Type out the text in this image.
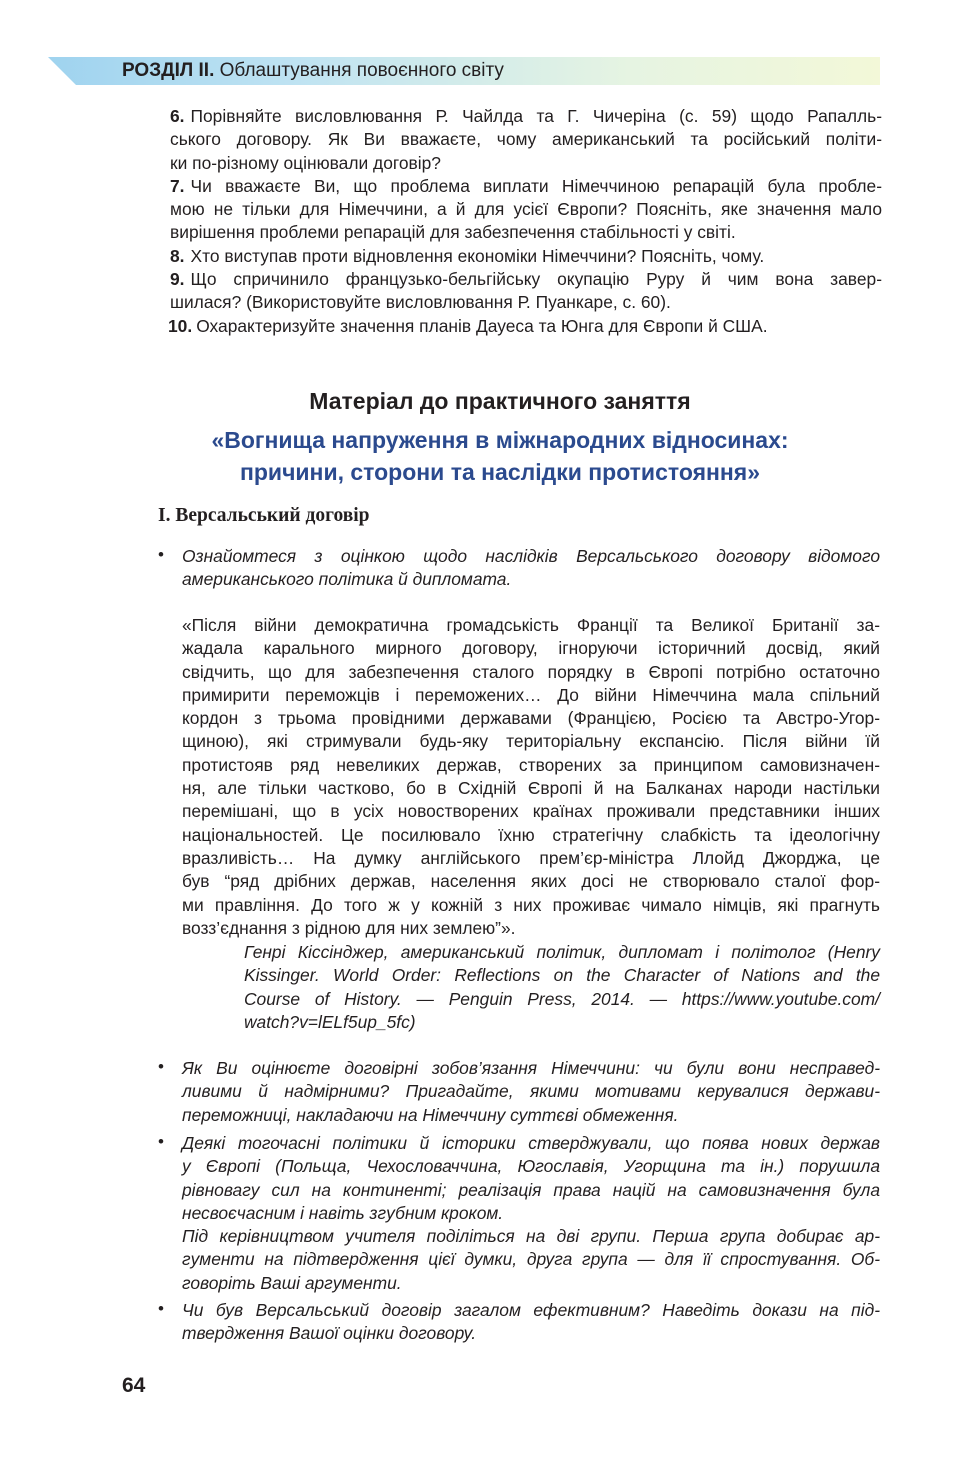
РОЗДІЛ II. Облаштування повоєнного світу
6. Порівняйте висловлювання Р. Чайлда та Г. Чичеріна (с. 59) щодо Рапалль-
ського договору. Як Ви вважаєте, чому американський та російський політи-
ки по-різному оцінювали договір?
7. Чи вважаєте Ви, що проблема виплати Німеччиною репарацій була пробле-
мою не тільки для Німеччини, а й для усієї Європи? Поясніть, яке значення мало
вирішення проблеми репарацій для забезпечення стабільності у світі.
8. Хто виступав проти відновлення економіки Німеччини? Поясніть, чому.
9. Що спричинило французько-бельгійську окупацію Руру й чим вона завер-
шилася? (Використовуйте висловлювання Р. Пуанкаре, с. 60).
10. Охарактеризуйте значення планів Дауеса та Юнга для Європи й США.
Матеріал до практичного заняття
«Вогнища напруження в міжнародних відносинах:
причини, сторони та наслідки протистояння»
І. Версальський договір
• Ознайомтеся з оцінкою щодо наслідків Версальського договору відомого
американського політика й дипломата.
«Після війни демократична громадськість Франції та Великої Британії за-
жадала карального мирного договору, ігноруючи історичний досвід, який
свідчить, що для забезпечення сталого порядку в Європі потрібно остаточно
примирити переможців і переможених… До війни Німеччина мала спільний
кордон з трьома провідними державами (Францією, Росією та Австро-Угор-
щиною), які стримували будь-яку територіальну експансію. Після війни їй
протистояв ряд невеликих держав, створених за принципом самовизначен-
ня, але тільки частково, бо в Східній Європі й на Балканах народи настільки
перемішані, що в усіх новостворених країнах проживали представники інших
національностей. Це посилювало їхню стратегічну слабкість та ідеологічну
вразливість… На думку англійського прем’єр-міністра Ллойд Джорджа, це
був “ряд дрібних держав, населення яких досі не створювало сталої фор-
ми правління. До того ж у кожній з них проживає чимало німців, які прагнуть
возз’єднання з рідною для них землею”».
Генрі Кіссінджер, американський політик, дипломат і політолог (Henry
Kissinger. World Order: Reflections on the Character of Nations and the
Course of History. — Penguin Press, 2014. — https://www.youtube.com/
watch?v=lELf5up_5fc)
• Як Ви оцінюєте договірні зобов’язання Німеччини: чи були вони несправед-
ливими й надмірними? Пригадайте, якими мотивами керувалися держави-
переможниці, накладаючи на Німеччину суттєві обмеження.
• Деякі тогочасні політики й історики стверджували, що поява нових держав
у Європі (Польща, Чехословаччина, Югославія, Угорщина та ін.) порушила
рівновагу сил на континенті; реалізація права націй на самовизначення була
несвоєчасним і навіть згубним кроком.
Під керівництвом учителя поділіться на дві групи. Перша група добирає ар-
гументи на підтвердження цієї думки, друга група — для її спростування. Об-
говоріть Ваші аргументи.
• Чи був Версальський договір загалом ефективним? Наведіть докази на під-
твердження Вашої оцінки договору.
64
